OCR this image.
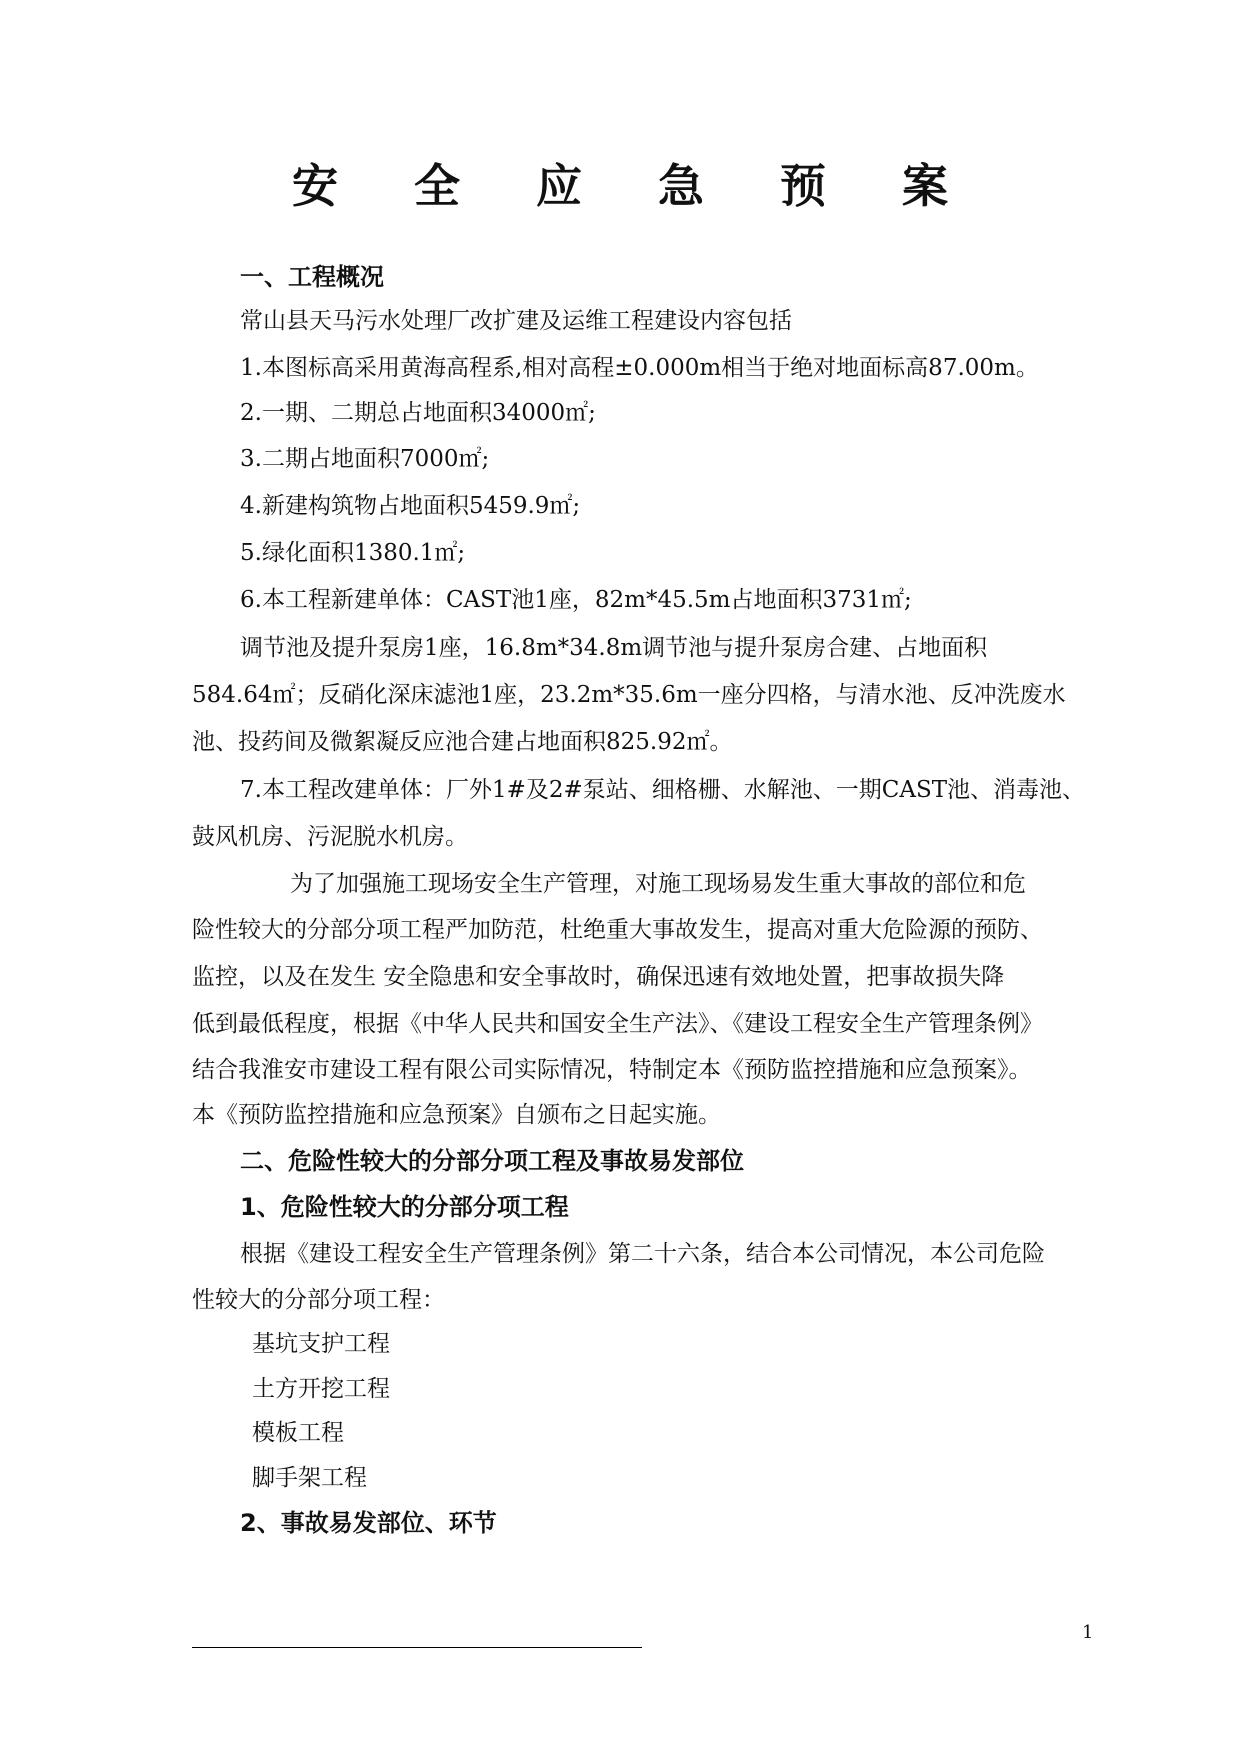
安 全 应 急 预 案
一、工程概况
常山县天马污水处理厂改扩建及运维工程建设内容包括
1.本图标高采用黄海高程系,相对高程±0.000m相当于绝对地面标高87.00m。
2.一期、二期总占地面积34000㎡;
3.二期占地面积7000㎡;
4.新建构筑物占地面积5459.9㎡;
5.绿化面积1380.1㎡;
6.本工程新建单体：CAST池1座，82m*45.5m占地面积3731㎡;
调节池及提升泵房1座，16.8m*34.8m调节池与提升泵房合建、占地面积
584.64㎡；反硝化深床滤池1座，23.2m*35.6m一座分四格，与清水池、反冲洗废水
池、投药间及微絮凝反应池合建占地面积825.92㎡。
7.本工程改建单体：厂外1#及2#泵站、细格栅、水解池、一期CAST池、消毒池、
鼓风机房、污泥脱水机房。
为了加强施工现场安全生产管理，对施工现场易发生重大事故的部位和危
险性较大的分部分项工程严加防范，杜绝重大事故发生，提高对重大危险源的预防、
监控，以及在发生 安全隐患和安全事故时，确保迅速有效地处置，把事故损失降
低到最低程度，根据《中华人民共和国安全生产法》、《建设工程安全生产管理条例》
结合我淮安市建设工程有限公司实际情况，特制定本《预防监控措施和应急预案》。
本《预防监控措施和应急预案》自颁布之日起实施。
二、危险性较大的分部分项工程及事故易发部位
1、危险性较大的分部分项工程
根据《建设工程安全生产管理条例》第二十六条，结合本公司情况，本公司危险
性较大的分部分项工程：
基坑支护工程
土方开挖工程
模板工程
脚手架工程
2、事故易发部位、环节
1
